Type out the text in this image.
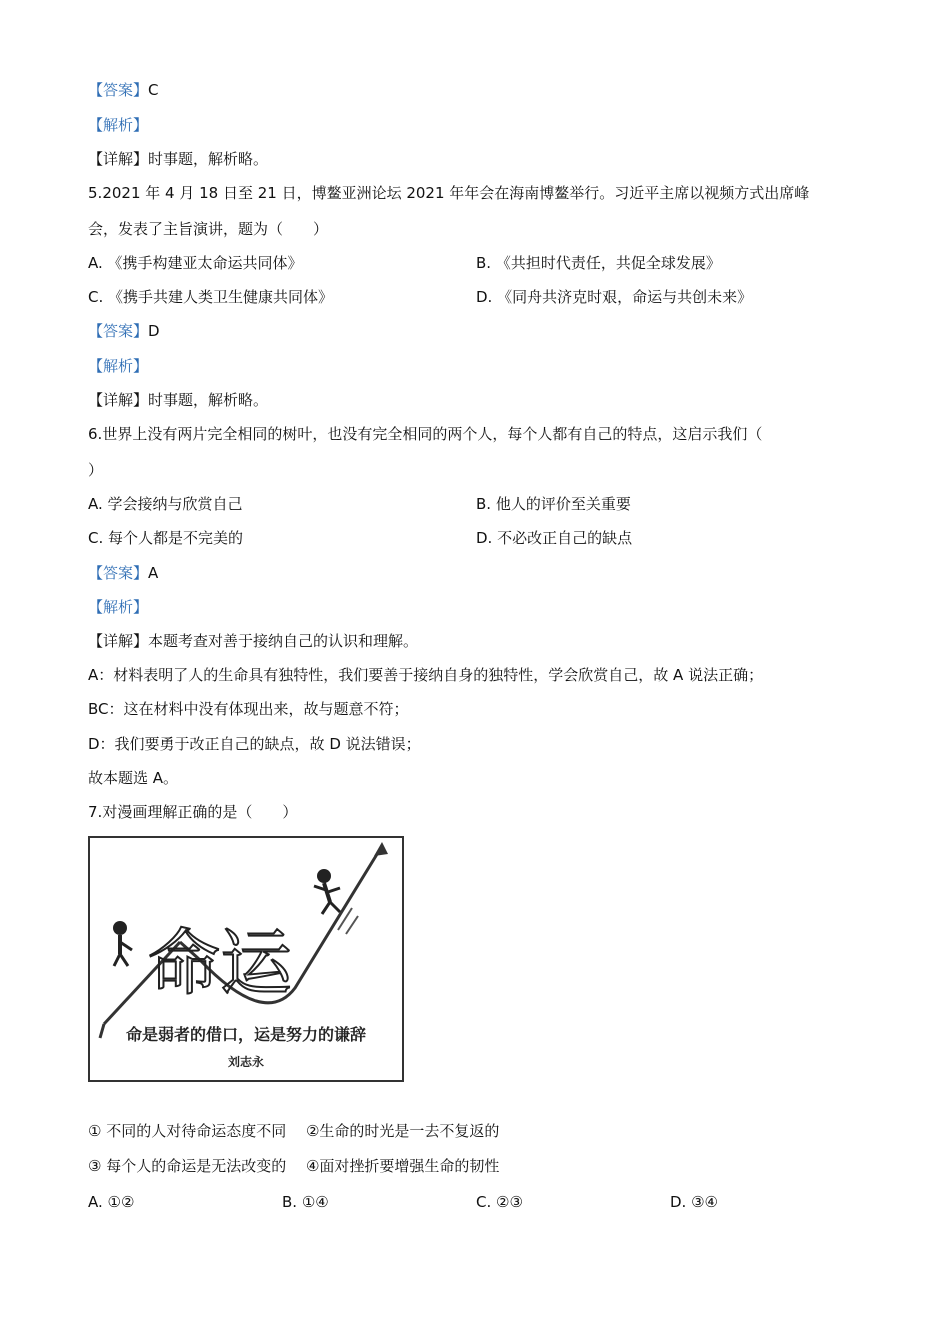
【答案】C
【解析】
【详解】时事题，解析略。
5.2021 年 4 月 18 日至 21 日，博鳌亚洲论坛 2021 年年会在海南博鳌举行。习近平主席以视频方式出席峰
会，发表了主旨演讲，题为（　　）
A. 《携手构建亚太命运共同体》	B. 《共担时代责任，共促全球发展》
C. 《携手共建人类卫生健康共同体》	D. 《同舟共济克时艰，命运与共创未来》
【答案】D
【解析】
【详解】时事题，解析略。
6.世界上没有两片完全相同的树叶，也没有完全相同的两个人，每个人都有自己的特点，这启示我们（
）
A. 学会接纳与欣赏自己	B. 他人的评价至关重要
C. 每个人都是不完美的	D. 不必改正自己的缺点
【答案】A
【解析】
【详解】本题考查对善于接纳自己的认识和理解。
A：材料表明了人的生命具有独特性，我们要善于接纳自身的独特性，学会欣赏自己，故 A 说法正确；
BC：这在材料中没有体现出来，故与题意不符；
D：我们要勇于改正自己的缺点，故 D 说法错误；
故本题选 A。
7.对漫画理解正确的是（　　）
命运
命是弱者的借口，运是努力的谦辞
刘志永
① 不同的人对待命运态度不同　 ②生命的时光是一去不复返的
③ 每个人的命运是无法改变的　 ④面对挫折要增强生命的韧性
A. ①②	B. ①④	C. ②③	D. ③④
